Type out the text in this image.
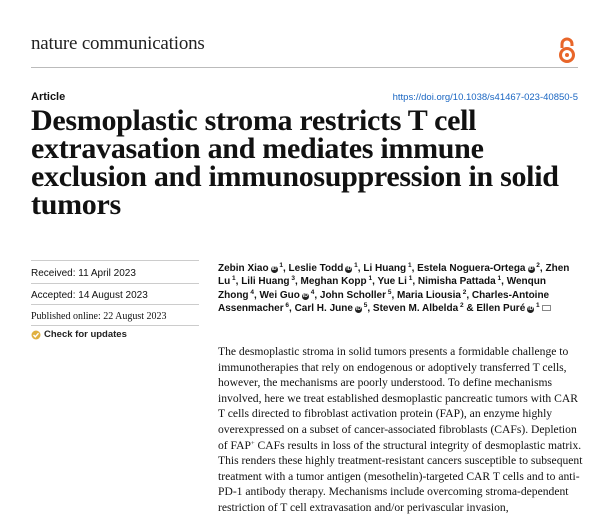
nature communications
Article	https://doi.org/10.1038/s41467-023-40850-5
Desmoplastic stroma restricts T cell extravasation and mediates immune exclusion and immunosuppression in solid tumors
Received: 11 April 2023
Accepted: 14 August 2023
Published online: 22 August 2023
Check for updates

Zebin Xiao iD $^1$, Leslie Todd iD $^1$, Li Huang $^1$, Estela Noguera-Ortega iD $^2$, Zhen Lu $^1$, Lili Huang $^3$, Meghan Kopp $^1$, Yue Li $^1$, Nimisha Pattada $^1$, Wenqun Zhong $^4$, Wei Guo iD $^4$, John Scholler $^5$, Maria Liousia $^2$, Charles-Antoine Assenmacher $^6$, Carl H. June iD $^5$, Steven M. Albelda $^2$ & Ellen Puré iD $^1$

The desmoplastic stroma in solid tumors presents a formidable challenge to immunotherapies that rely on endogenous or adoptively transferred T cells, however, the mechanisms are poorly understood. To define mechanisms involved, here we treat established desmoplastic pancreatic tumors with CAR T cells directed to fibroblast activation protein (FAP), an enzyme highly overexpressed on a subset of cancer-associated fibroblasts (CAFs). Depletion of FAP+ CAFs results in loss of the structural integrity of desmoplastic matrix. This renders these highly treatment-resistant cancers susceptible to subsequent treatment with a tumor antigen (mesothelin)-targeted CAR T cells and to anti-PD-1 antibody therapy. Mechanisms include overcoming stroma-dependent restriction of T cell extravasation and/or perivascular invasion,
